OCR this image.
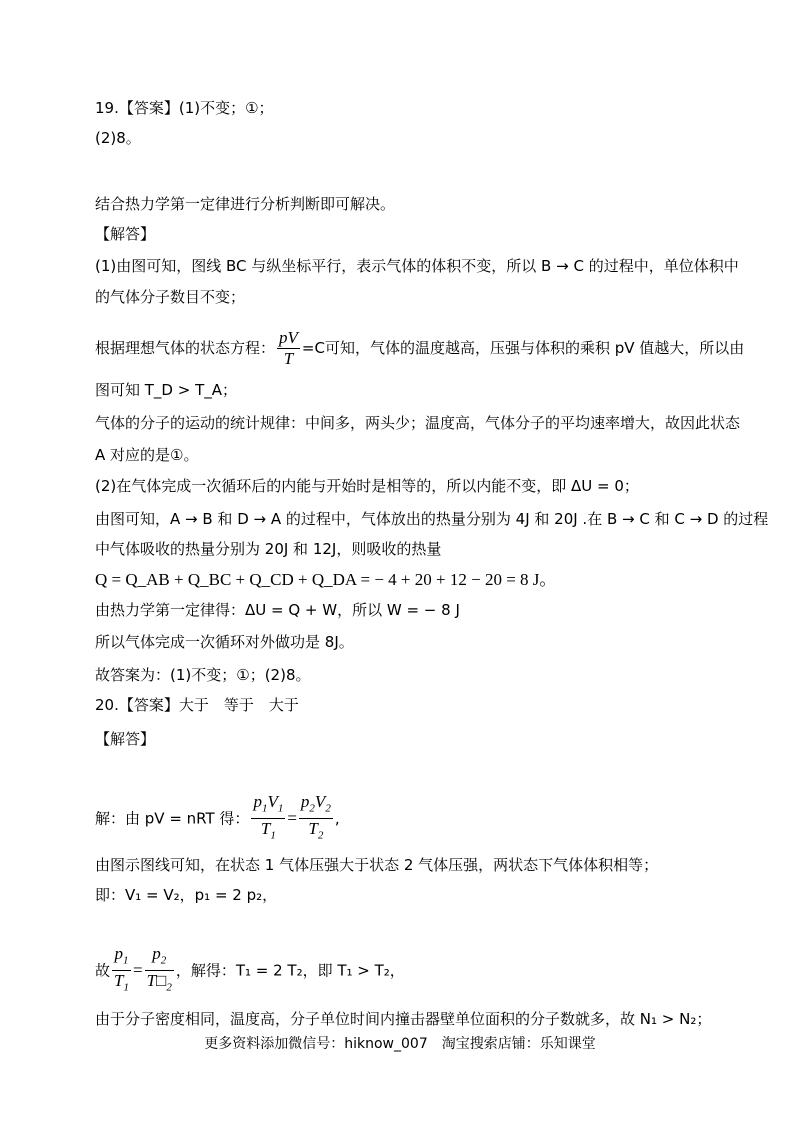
19.【答案】(1)不变；①；
(2)8。
结合热力学第一定律进行分析判断即可解决。
【解答】
(1)由图可知，图线 BC 与纵坐标平行，表示气体的体积不变，所以 B → C 的过程中，单位体积中
的气体分子数目不变；
根据理想气体的状态方程： $\frac{pV}{T} =C$可知，气体的温度越高，压强与体积的乘积 pV 值越大，所以由
图可知 T_D > T_A；
气体的分子的运动的统计规律：中间多，两头少；温度高，气体分子的平均速率增大，故因此状态
A 对应的是①。
(2)在气体完成一次循环后的内能与开始时是相等的，所以内能不变，即 ΔU = 0；
由图可知，A → B 和 D → A 的过程中，气体放出的热量分别为 4J 和 20J .在 B → C 和 C → D 的过程
中气体吸收的热量分别为 20J 和 12J，则吸收的热量
Q = Q_AB + Q_BC + Q_CD + Q_DA = − 4 + 20 + 12 − 20 = 8 J。
由热力学第一定律得：ΔU = Q + W，所以 W = − 8 J
所以气体完成一次循环对外做功是 8J。
故答案为：(1)不变；①；(2)8。
20.【答案】大于　等于　大于
【解答】
解：由 pV = nRT 得： $\frac{p_1V_1}{T_1} = \frac{p_2V_2}{T_2}$ ,
由图示图线可知，在状态 1 气体压强大于状态 2 气体压强，两状态下气体体积相等；
即：V₁ = V₂，p₁ = 2 p₂，
故 $\frac{p_1}{T_1} = \frac{p_2}{T□_2}$ ，解得：T₁ = 2 T₂，即 T₁ > T₂，
由于分子密度相同，温度高，分子单位时间内撞击器壁单位面积的分子数就多，故 N₁ > N₂；
更多资料添加微信号：hiknow_007　淘宝搜索店铺：乐知课堂
